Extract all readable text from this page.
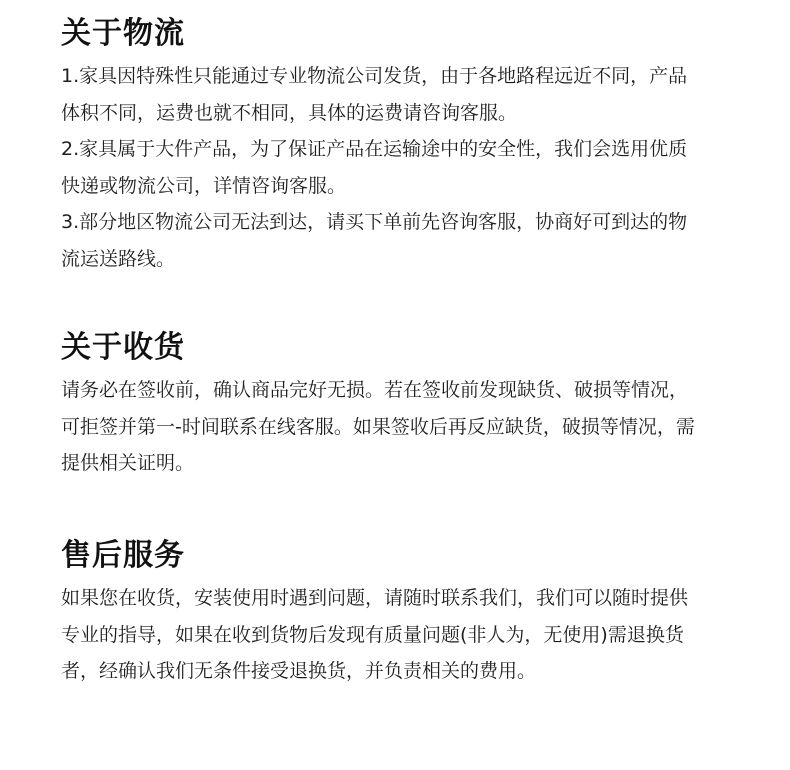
关于物流

1.家具因特殊性只能通过专业物流公司发货，由于各地路程远近不同，产品

体积不同，运费也就不相同，具体的运费请咨询客服。

2.家具属于大件产品，为了保证产品在运输途中的安全性，我们会选用优质

快递或物流公司，详情咨询客服。

3.部分地区物流公司无法到达，请买下单前先咨询客服，协商好可到达的物

流运送路线。

关于收货

请务必在签收前，确认商品完好无损。若在签收前发现缺货、破损等情况，

可拒签并第一-时间联系在线客服。如果签收后再反应缺货，破损等情况，需

提供相关证明。

售后服务

如果您在收货，安装使用时遇到问题，请随时联系我们，我们可以随时提供

专业的指导，如果在收到货物后发现有质量问题(非人为，无使用)需退换货

者，经确认我们无条件接受退换货，并负责相关的费用。
